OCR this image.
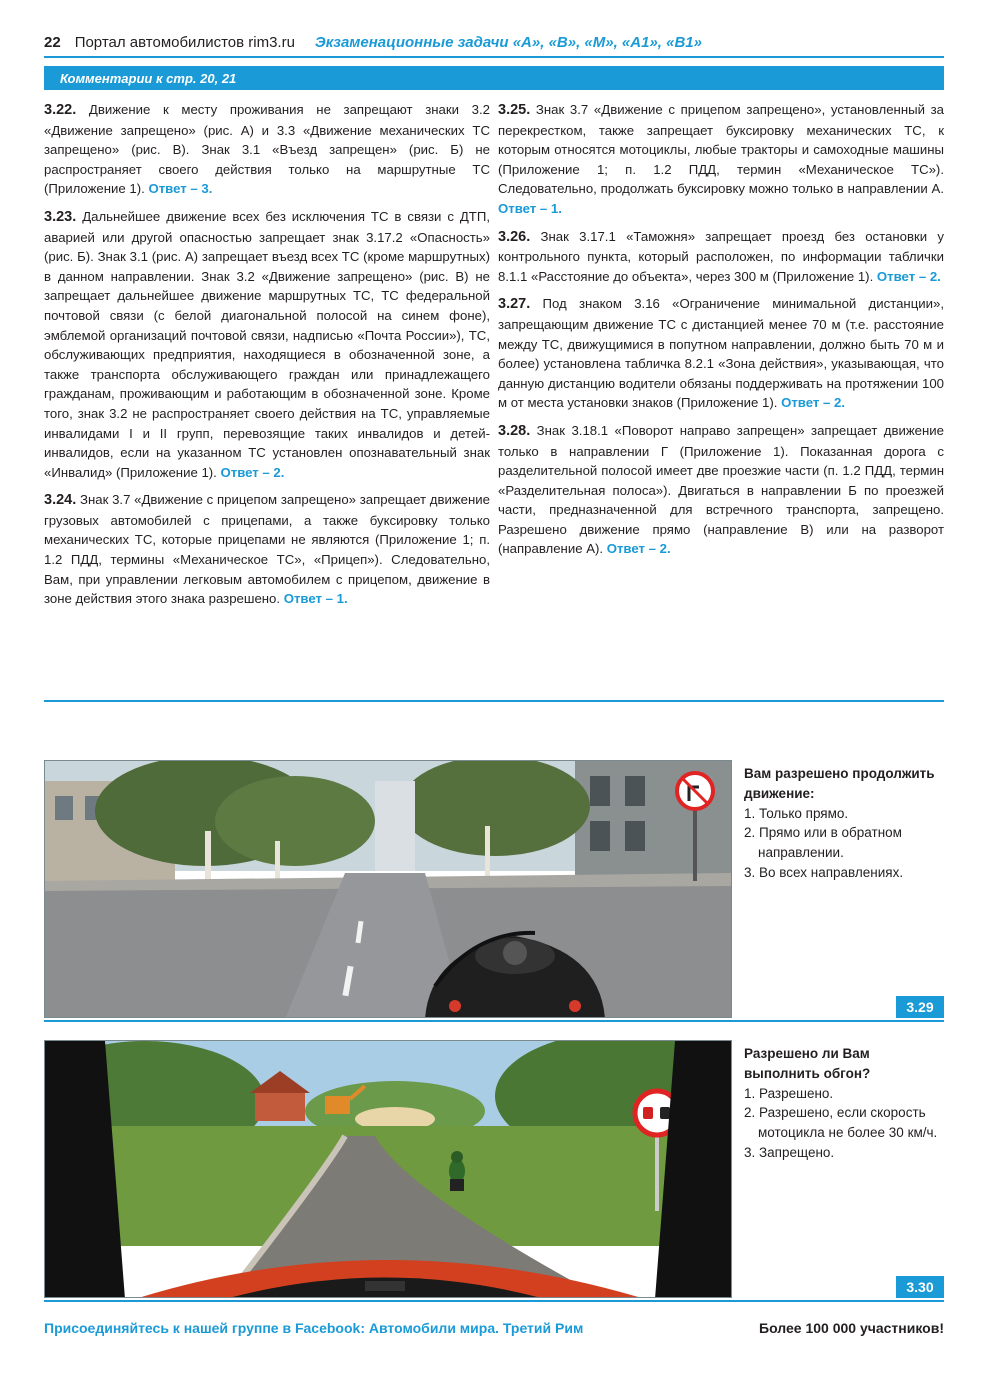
22 Портал автомобилистов rim3.ru Экзаменационные задачи «А», «В», «М», «А1», «В1»
Комментарии к стр. 20, 21

3.22. Движение к месту проживания не запрещают знаки 3.2 «Движение запрещено» (рис. А) и 3.3 «Движение механических ТС запрещено» (рис. В). Знак 3.1 «Въезд запрещен» (рис. Б) не распространяет своего действия только на маршрутные ТС (Приложение 1). Ответ – 3.

3.23. Дальнейшее движение всех без исключения ТС в связи с ДТП, аварией или другой опасностью запрещает знак 3.17.2 «Опасность» (рис. Б). Знак 3.1 (рис. А) запрещает въезд всех ТС (кроме маршрутных) в данном направлении. Знак 3.2 «Движение запрещено» (рис. В) не запрещает дальнейшее движение маршрутных ТС, ТС федеральной почтовой связи (с белой диагональной полосой на синем фоне), эмблемой организаций почтовой связи, надписью «Почта России»), ТС, обслуживающих предприятия, находящиеся в обозначенной зоне, а также транспорта обслуживающего граждан или принадлежащего гражданам, проживающим и работающим в обозначенной зоне. Кроме того, знак 3.2 не распространяет своего действия на ТС, управляемые инвалидами I и II групп, перевозящие таких инвалидов и детей-инвалидов, если на указанном ТС установлен опознавательный знак «Инвалид» (Приложение 1). Ответ – 2.

3.24. Знак 3.7 «Движение с прицепом запрещено» запрещает движение грузовых автомобилей с прицепами, а также буксировку только механических ТС, которые прицепами не являются (Приложение 1; п. 1.2 ПДД, термины «Механическое ТС», «Прицеп»). Следовательно, Вам, при управлении легковым автомобилем с прицепом, движение в зоне действия этого знака разрешено. Ответ – 1.

3.25. Знак 3.7 «Движение с прицепом запрещено», установленный за перекрестком, также запрещает буксировку механических ТС, к которым относятся мотоциклы, любые тракторы и самоходные машины (Приложение 1; п. 1.2 ПДД, термин «Механическое ТС»). Следовательно, продолжать буксировку можно только в направлении А. Ответ – 1.

3.26. Знак 3.17.1 «Таможня» запрещает проезд без остановки у контрольного пункта, который расположен, по информации таблички 8.1.1 «Расстояние до объекта», через 300 м (Приложение 1). Ответ – 2.

3.27. Под знаком 3.16 «Ограничение минимальной дистанции», запрещающим движение ТС с дистанцией менее 70 м (т.е. расстояние между ТС, движущимися в попутном направлении, должно быть 70 м и более) установлена табличка 8.2.1 «Зона действия», указывающая, что данную дистанцию водители обязаны поддерживать на протяжении 100 м от места установки знаков (Приложение 1). Ответ – 2.

3.28. Знак 3.18.1 «Поворот направо запрещен» запрещает движение только в направлении Г (Приложение 1). Показанная дорога с разделительной полосой имеет две проезжие части (п. 1.2 ПДД, термин «Разделительная полоса»). Двигаться в направлении Б по проезжей части, предназначенной для встречного транспорта, запрещено. Разрешено движение прямо (направление В) или на разворот (направление А). Ответ – 2.

Вам разрешено продолжить движение:
1. Только прямо.
2. Прямо или в обратном направлении.
3. Во всех направлениях.
3.29
Разрешено ли Вам выполнить обгон?
1. Разрешено.
2. Разрешено, если скорость мотоцикла не более 30 км/ч.
3. Запрещено.
3.30
Присоединяйтесь к нашей группе в Facebook: Автомобили мира. Третий Рим	Более 100 000 участников!
